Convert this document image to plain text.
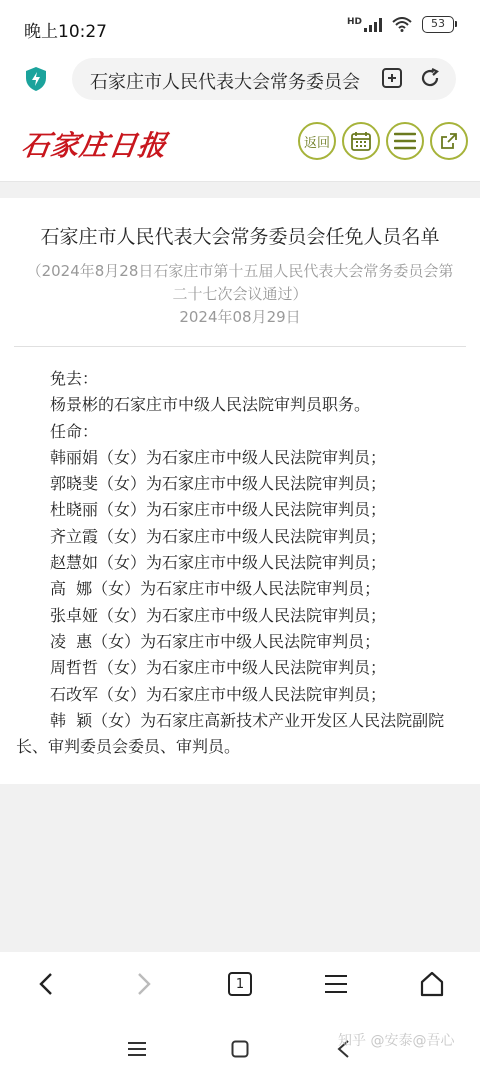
晚上10:27
HD	53
石家庄市人民代表大会常务委员会
石家庄日报	返回
石家庄市人民代表大会常务委员会任免人员名单
（2024年8月28日石家庄市第十五届人民代表大会常务委员会第二十七次会议通过）
2024年08月29日

免去：

杨景彬的石家庄市中级人民法院审判员职务。

任命：

韩丽娟（女）为石家庄市中级人民法院审判员；

郭晓斐（女）为石家庄市中级人民法院审判员；

杜晓丽（女）为石家庄市中级人民法院审判员；

齐立霞（女）为石家庄市中级人民法院审判员；

赵慧如（女）为石家庄市中级人民法院审判员；

高  娜（女）为石家庄市中级人民法院审判员；

张卓娅（女）为石家庄市中级人民法院审判员；

凌  惠（女）为石家庄市中级人民法院审判员；

周哲哲（女）为石家庄市中级人民法院审判员；

石改军（女）为石家庄市中级人民法院审判员；

韩  颖（女）为石家庄高新技术产业开发区人民法院副院长、审判委员会委员、审判员。

1
知乎 @安泰@吾心
